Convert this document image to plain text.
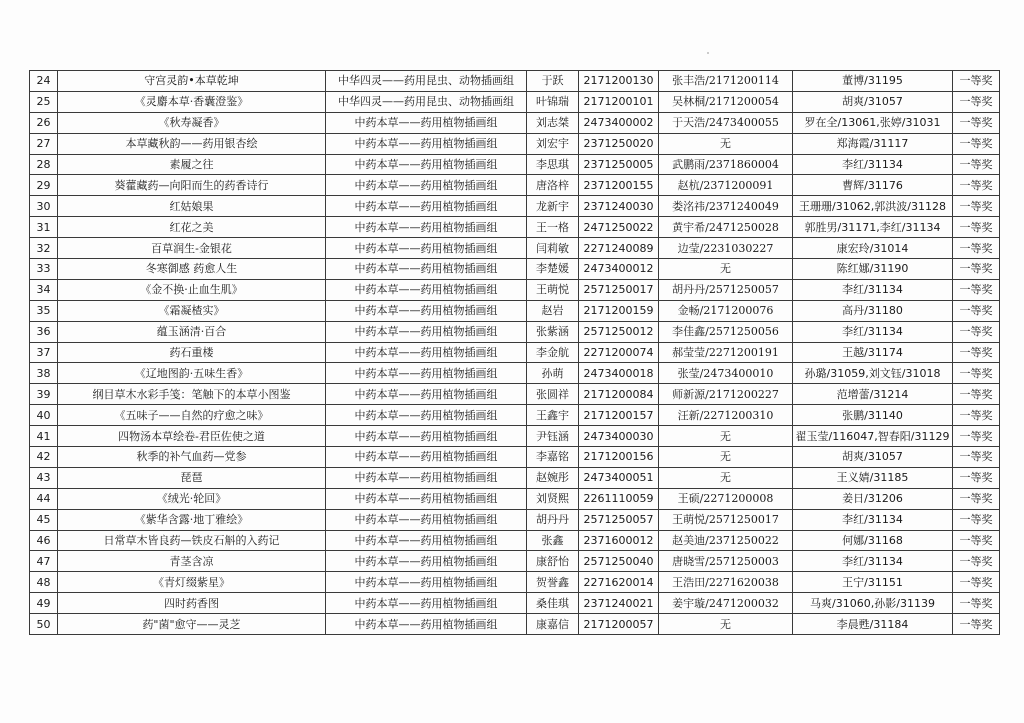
24	守宫灵韵•本草乾坤	中华四灵——药用昆虫、动物插画组	于跃	2171200130	张丰浩/2171200114	董博/31195	一等奖
25	《灵麝本草·香囊澄鉴》	中华四灵——药用昆虫、动物插画组	叶锦瑞	2171200101	吴林桐/2171200054	胡爽/31057	一等奖
26	《秋寿凝香》	中药本草——药用植物插画组	刘志桀	2473400002	于天浩/2473400055	罗在全/13061,张婷/31031	一等奖
27	本草藏秋韵——药用银杏绘	中药本草——药用植物插画组	刘宏宇	2371250020	无	郑海霞/31117	一等奖
28	素履之往	中药本草——药用植物插画组	李思琪	2371250005	武鹏雨/2371860004	李红/31134	一等奖
29	葵藿藏药—向阳而生的药香诗行	中药本草——药用植物插画组	唐洛梓	2371200155	赵杭/2371200091	曹辉/31176	一等奖
30	红姑娘果	中药本草——药用植物插画组	龙新宇	2371240030	娄洺祎/2371240049	王珊珊/31062,郭洪波/31128	一等奖
31	红花之美	中药本草——药用植物插画组	王一格	2471250022	黄宇希/2471250028	郭胜男/31171,李红/31134	一等奖
32	百草润生-金银花	中药本草——药用植物插画组	闫莉敏	2271240089	边莹/2231030227	康宏玲/31014	一等奖
33	冬寒御感 药愈人生	中药本草——药用植物插画组	李楚媛	2473400012	无	陈红娜/31190	一等奖
34	《金不换·止血生肌》	中药本草——药用植物插画组	王萌悦	2571250017	胡丹丹/2571250057	李红/31134	一等奖
35	《霜凝楂实》	中药本草——药用植物插画组	赵岩	2171200159	金畅/2171200076	高丹/31180	一等奖
36	蕴玉涵清·百合	中药本草——药用植物插画组	张紫涵	2571250012	李佳鑫/2571250056	李红/31134	一等奖
37	药石重楼	中药本草——药用植物插画组	李金航	2271200074	郝莹莹/2271200191	王越/31174	一等奖
38	《辽地图韵·五味生香》	中药本草——药用植物插画组	孙萌	2473400018	张莹/2473400010	孙璐/31059,刘文钰/31018	一等奖
39	纲目草木水彩手笺：笔触下的本草小图鉴	中药本草——药用植物插画组	张圆祥	2171200084	师新源/2171200227	范增蕾/31214	一等奖
40	《五味子——自然的疗愈之味》	中药本草——药用植物插画组	王鑫宇	2171200157	汪新/2271200310	张鹏/31140	一等奖
41	四物汤本草绘卷-君臣佐使之道	中药本草——药用植物插画组	尹钰涵	2473400030	无	翟玉莹/116047,智春阳/31129	一等奖
42	秋季的补气血药—党参	中药本草——药用植物插画组	李嘉铭	2171200156	无	胡爽/31057	一等奖
43	琵琶	中药本草——药用植物插画组	赵婉彤	2473400051	无	王义婧/31185	一等奖
44	《绒光·轮回》	中药本草——药用植物插画组	刘贤熙	2261110059	王硕/2271200008	姜日/31206	一等奖
45	《紫华含露·地丁雅绘》	中药本草——药用植物插画组	胡丹丹	2571250057	王萌悦/2571250017	李红/31134	一等奖
46	日常草木皆良药—铁皮石斛的入药记	中药本草——药用植物插画组	张鑫	2371600012	赵美迪/2371250022	何娜/31168	一等奖
47	青茎含凉	中药本草——药用植物插画组	康舒怡	2571250040	唐晓雪/2571250003	李红/31134	一等奖
48	《青灯缀紫星》	中药本草——药用植物插画组	贺誉鑫	2271620014	王浩田/2271620038	王宁/31151	一等奖
49	四时药香图	中药本草——药用植物插画组	桑佳琪	2371240021	姜宇璇/2471200032	马爽/31060,孙影/31139	一等奖
50	药"菌"愈守——灵芝	中药本草——药用植物插画组	康嘉信	2171200057	无	李晨甦/31184	一等奖
